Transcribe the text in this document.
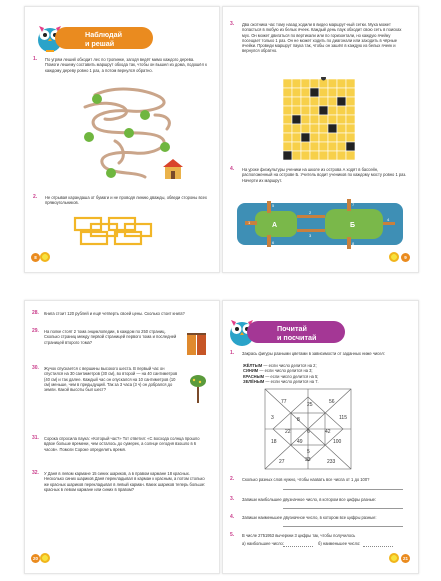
Наблюдай
и решай
1. По угрям леший обходит лес по тропинке, загодя ведёт мимо каждого дерева. Помоги лешему составить маршрут обхода так, чтобы он вышел из дома, подошёл к каждому дереву ровно 1 раз, а потом вернулся обратно.
2. Не отрывая карандаша от бумаги и не проводя линию дважды, обведи стороны всех прямоугольников.
8
3. Два охотника час тому назад ходили в видео маршрут-ный сетки. Муха может попасться в любую из белых ячеек. Каждый день паук обходит свою сеть в поисках мух. Он может двигаться по вертикали или по горизонтали, но каждую ячейку посещает только 1 раз. Он не может ходить по диагонали или заходить в чёрные ячейки. Проведи маршрут паука так, чтобы он зашёл в каждую из белых ячеек и вернулся обратно.
4. На уроке физкультуры ученики на школе из острова А ходят в бассейн, расположенный на острове Б. Учитель водит учеников по каждому мосту ровно 1 раз. Начерти их маршрут.
А	Б
1
2
3
4
5
6
7
8
9
28. Книга стоит 120 рублей и ещё четверть своей цены. Сколько стоит книга?
29. На полке стоят 2 тома энциклопедии, в каждом по 250 страниц. Сколько страниц между первой страницей первого тома и последней страницей второго тома?
30. Жучок спускается с вершины высокого шеста. В первый час он спустился на 30 сантиметров (30 см), во второй — на 40 сантиметров (40 см) и так далее. Каждый час он опускался на 10 сантиметров (10 см) меньше, чем в предыдущий. Так за 3 часа (3 ч) он добрался до земли. Какой высоты был шест?
31. Сорока спросила паука: «Который час?» Тот ответил: «С восхода солнца прошло вдвое больше времени, чем осталось до сумерек, а солнце сегодня взошло в 6 часов». Помоги Сороке определить время.
32. У Даня в левом кармане 15 синих шариков, а в правом кармане 18 красных. Несколько синих шариков Даня перекладывал в карман к красным, а потом столько же красных шариков перекладывал в левый карман. Каких шариков теперь больше: красных в левом кармане или синих в правом?
20
Почитай
и посчитай
1. Закрась фигуры разными цветами в зависимости от заданных ниже чисел:
ЖЁЛТЫМ — если число делится на 2;
СИНИМ — если число делится на 3;
КРАСНЫМ — если число делится на 5;
ЗЕЛЁНЫМ — если число делится на 7.
77	25	56
3	8	115
22	6	42
18	49	100
27	33	233
5
2. Сколько разных слов нужно, чтобы назвать все числа от 1 до 100?
3. Запиши наибольшее двузначное число, в котором все цифры разные:
4. Запиши наименьшее двузначное число, в котором все цифры разные:
5. В числе 2751953 вычеркни 3 цифры так, чтобы получилось
а) наибольшее число:	б) наименьшее число:
21
